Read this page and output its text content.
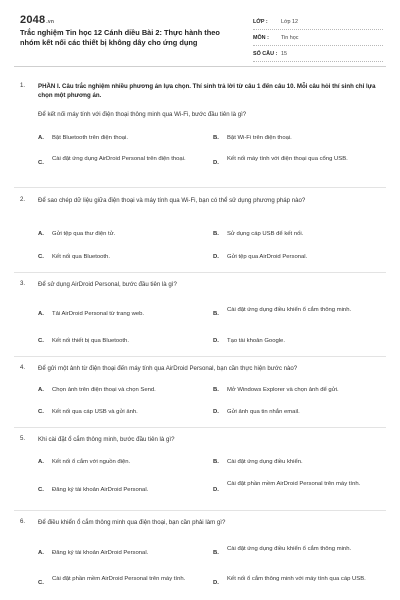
2048.vn
Trắc nghiệm Tin học 12 Cánh diều Bài 2: Thực hành theo nhóm kết nối các thiết bị không dây cho ứng dụng
LỚP :	Lớp 12
MÔN :	Tin học
SỐ CÂU : 15
1. PHẦN I. Câu trắc nghiệm nhiều phương án lựa chọn. Thí sinh trả lời từ câu 1 đến câu 10. Mỗi câu hỏi thí sinh chỉ lựa chọn một phương án.
Để kết nối máy tính với điện thoại thông minh qua Wi-Fi, bước đầu tiên là gì?
A. Bật Bluetooth trên điện thoại.	B. Bật Wi-Fi trên điện thoại.
C.
Cài đặt ứng dụng AirDroid Personal trên điện thoại.
D.
Kết nối máy tính với điện thoại qua cổng USB.
2. Để sao chép dữ liệu giữa điện thoại và máy tính qua Wi-Fi, bạn có thể sử dụng phương pháp nào?
A. Gửi tệp qua thư điện tử.	B. Sử dụng cáp USB để kết nối.
C. Kết nối qua Bluetooth.	D. Gửi tệp qua AirDroid Personal.
3. Để sử dụng AirDroid Personal, bước đầu tiên là gì?
A. Tải AirDroid Personal từ trang web.	B.
Cài đặt ứng dụng điều khiển ổ cắm thông minh.
C. Kết nối thiết bị qua Bluetooth.	D. Tạo tài khoản Google.
4. Để gửi một ảnh từ điện thoại đến máy tính qua AirDroid Personal, bạn cần thực hiện bước nào?
A. Chọn ảnh trên điện thoại và chọn Send.	B. Mở Windows Explorer và chọn ảnh để gửi.
C. Kết nối qua cáp USB và gửi ảnh.	D. Gửi ảnh qua tin nhắn email.
5. Khi cài đặt ổ cắm thông minh, bước đầu tiên là gì?
A. Kết nối ổ cắm với nguồn điện.	B. Cài đặt ứng dụng điều khiển.
C. Đăng ký tài khoản AirDroid Personal.	D.
Cài đặt phần mềm AirDroid Personal trên máy tính.
6. Để điều khiển ổ cắm thông minh qua điện thoại, bạn cần phải làm gì?
A. Đăng ký tài khoản AirDroid Personal.	B.
Cài đặt ứng dụng điều khiển ổ cắm thông minh.
C.
Cài đặt phần mềm AirDroid Personal trên máy tính.
D.
Kết nối ổ cắm thông minh với máy tính qua cáp USB.
